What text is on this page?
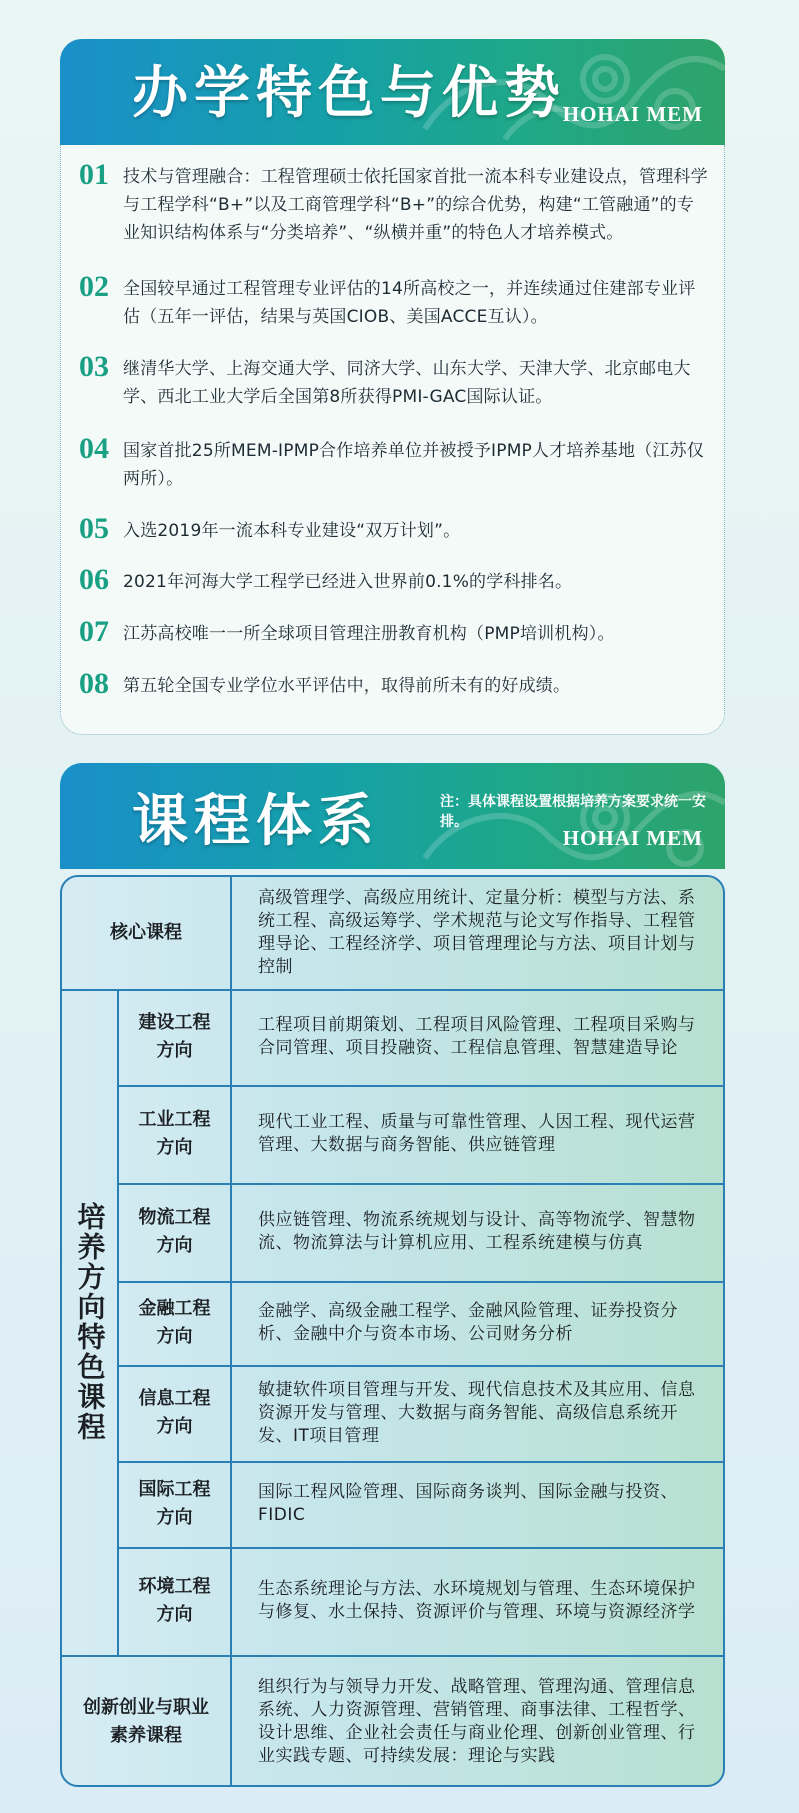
办学特色与优势
HOHAI MEM
01 技术与管理融合：工程管理硕士依托国家首批一流本科专业建设点，管理科学与工程学科“B+”以及工商管理学科“B+”的综合优势，构建“工管融通”的专业知识结构体系与“分类培养”、“纵横并重”的特色人才培养模式。
02 全国较早通过工程管理专业评估的14所高校之一，并连续通过住建部专业评估（五年一评估，结果与英国CIOB、美国ACCE互认）。
03 继清华大学、上海交通大学、同济大学、山东大学、天津大学、北京邮电大学、西北工业大学后全国第8所获得PMI-GAC国际认证。
04 国家首批25所MEM-IPMP合作培养单位并被授予IPMP人才培养基地（江苏仅两所）。
05 入选2019年一流本科专业建设“双万计划”。
06 2021年河海大学工程学已经进入世界前0.1%的学科排名。
07 江苏高校唯一一所全球项目管理注册教育机构（PMP培训机构）。
08 第五轮全国专业学位水平评估中，取得前所未有的好成绩。
课程体系	注：具体课程设置根据培养方案要求统一安排。
HOHAI MEM
核心课程
高级管理学、高级应用统计、定量分析：模型与方法、系统工程、高级运筹学、学术规范与论文写作指导、工程管理导论、工程经济学、项目管理理论与方法、项目计划与控制
培养方向特色课程
建设工程
方向
工程项目前期策划、工程项目风险管理、工程项目采购与合同管理、项目投融资、工程信息管理、智慧建造导论
工业工程
方向
现代工业工程、质量与可靠性管理、人因工程、现代运营管理、大数据与商务智能、供应链管理
物流工程
方向
供应链管理、物流系统规划与设计、高等物流学、智慧物流、物流算法与计算机应用、工程系统建模与仿真
金融工程
方向
金融学、高级金融工程学、金融风险管理、证券投资分析、金融中介与资本市场、公司财务分析
信息工程
方向
敏捷软件项目管理与开发、现代信息技术及其应用、信息资源开发与管理、大数据与商务智能、高级信息系统开发、IT项目管理
国际工程
方向
国际工程风险管理、国际商务谈判、国际金融与投资、FIDIC
环境工程
方向
生态系统理论与方法、水环境规划与管理、生态环境保护与修复、水土保持、资源评价与管理、环境与资源经济学
创新创业与职业素养课程
组织行为与领导力开发、战略管理、管理沟通、管理信息系统、人力资源管理、营销管理、商事法律、工程哲学、设计思维、企业社会责任与商业伦理、创新创业管理、行业实践专题、可持续发展：理论与实践
